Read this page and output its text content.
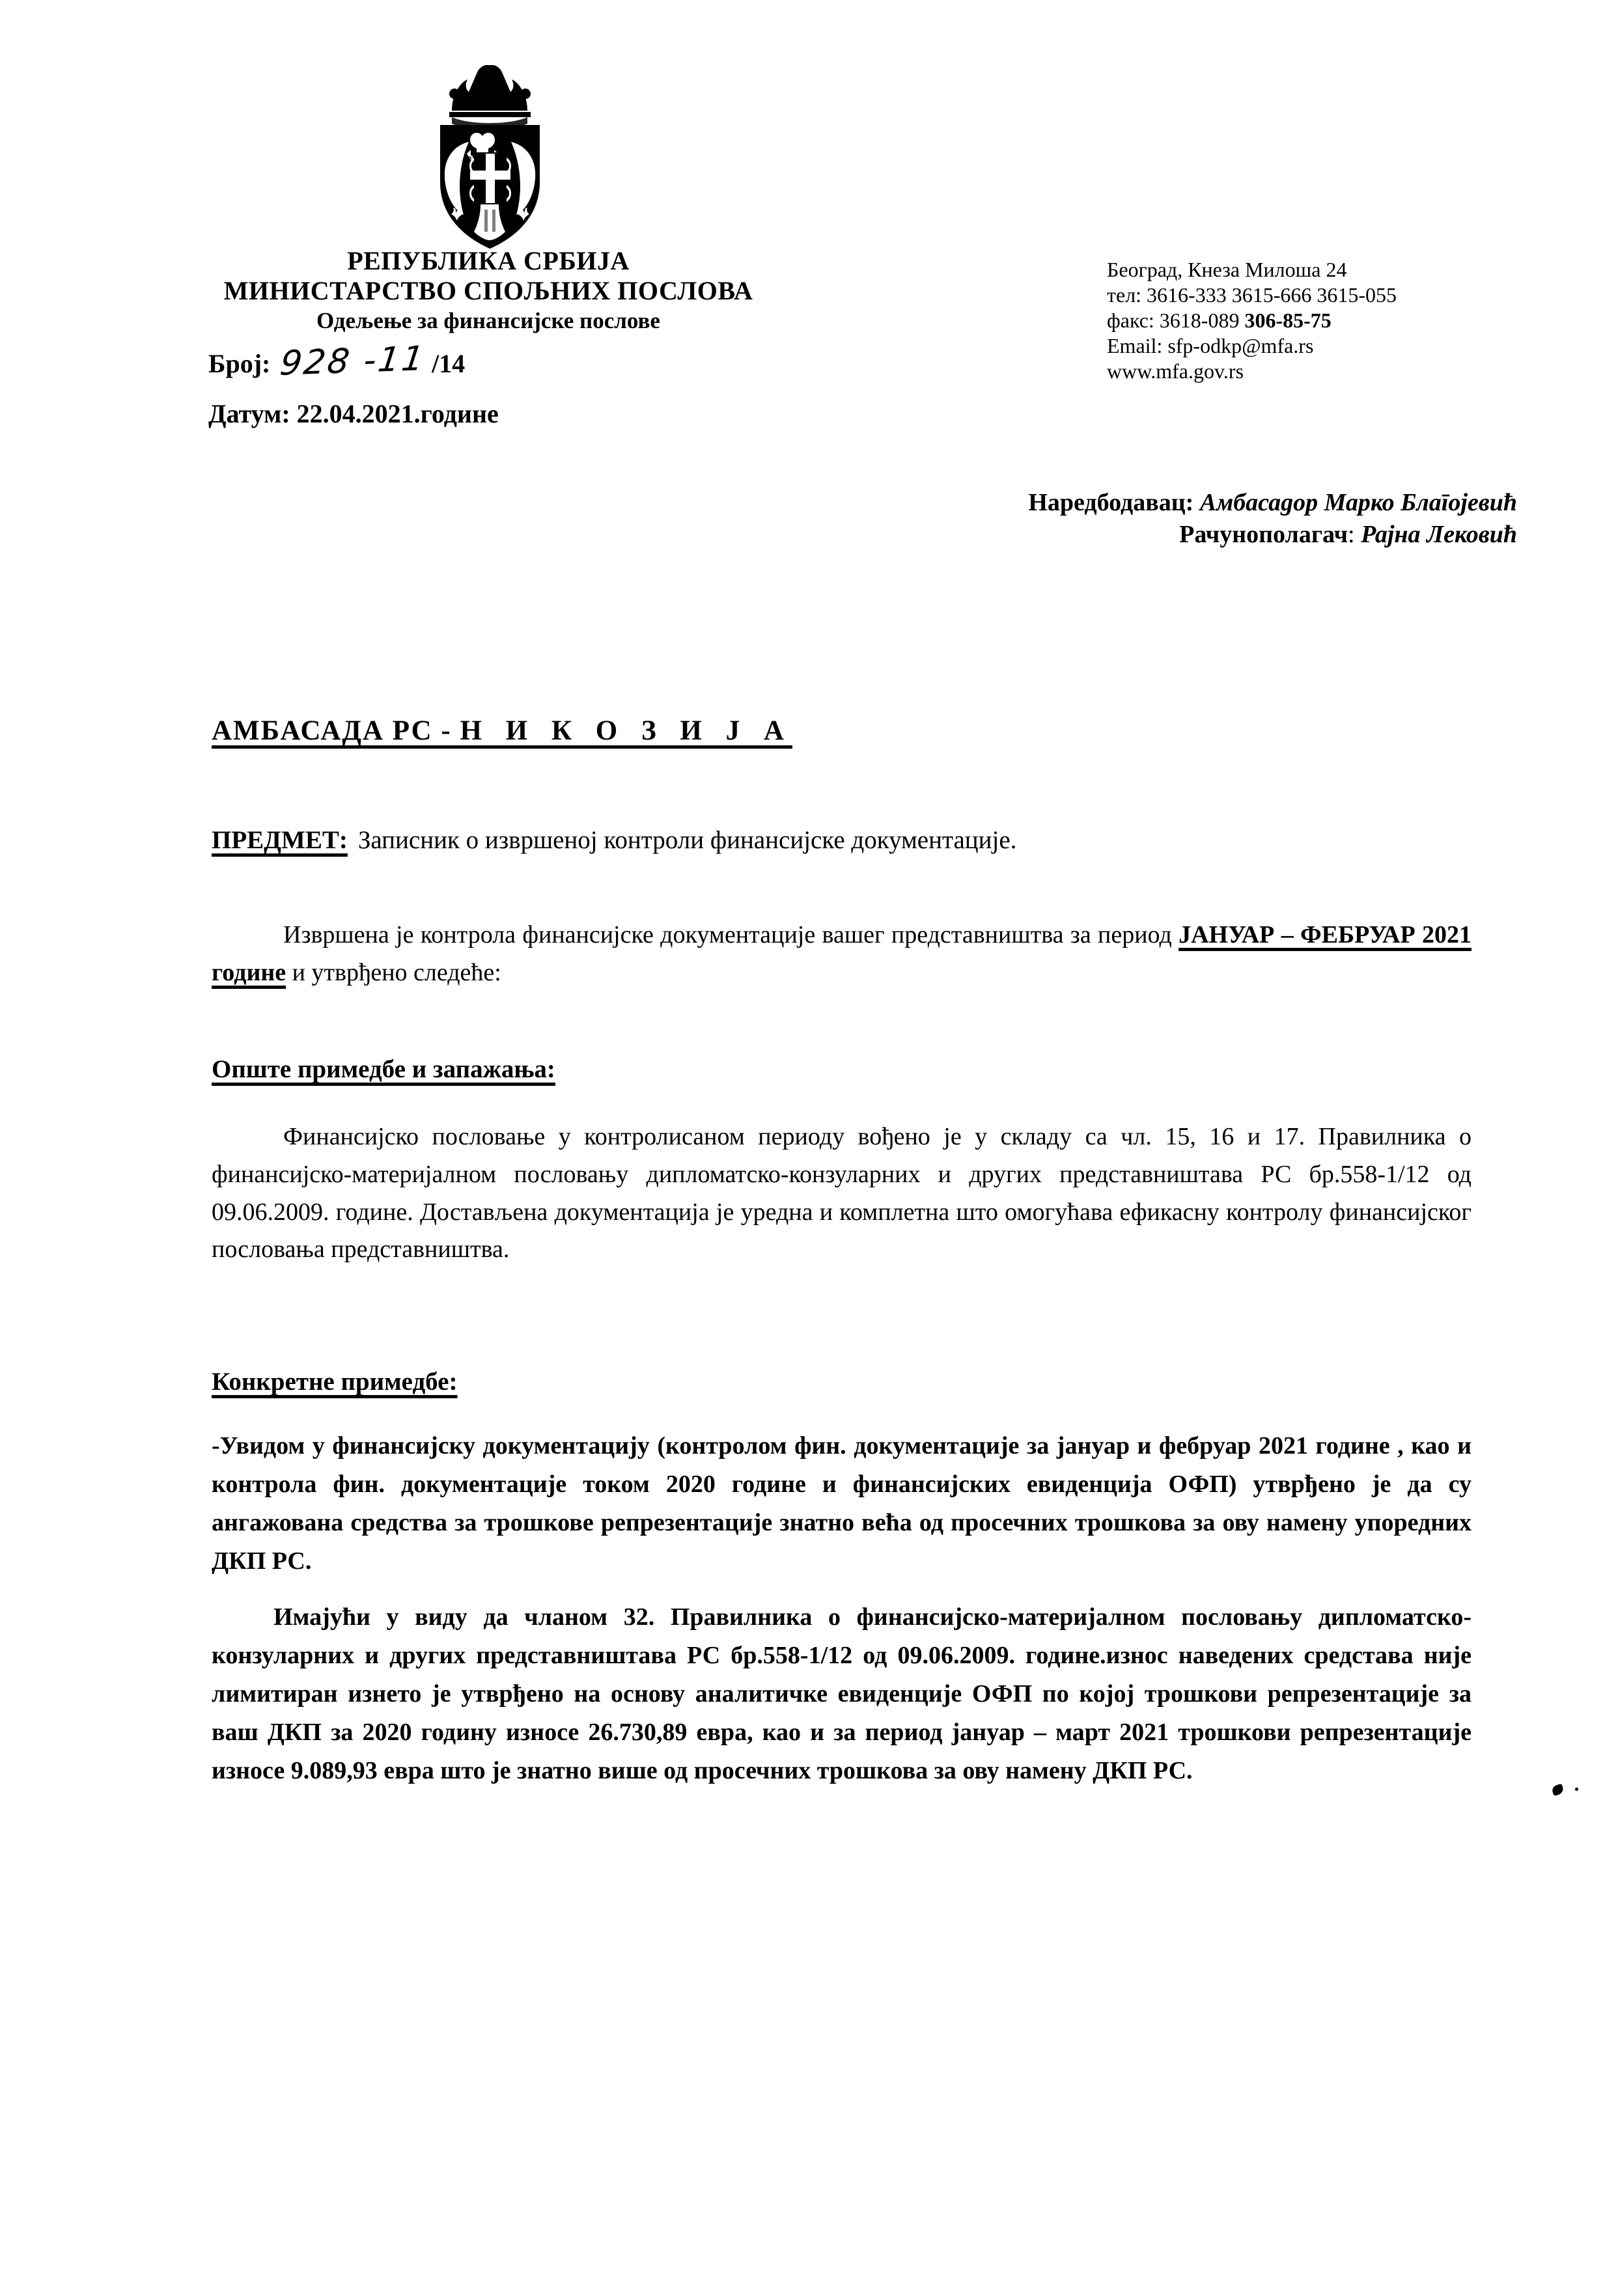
РЕПУБЛИКА СРБИЈА
МИНИСТАРСТВО СПОЉНИХ ПОСЛОВА
Одељење за финансијске послове
Број: 928 -11 /14
Датум: 22.04.2021.године
Београд, Кнеза Милоша 24
тел: 3616-333 3615-666 3615-055
факс: 3618-089 306-85-75
Email: sfp-odkp@mfa.rs
www.mfa.gov.rs
Наредбодавац: Амбасадор Марко Благојевић
Рачунополагач: Рајна Лековић
АМБАСАДА РС - Н И К О З И Ј А
ПРЕДМЕТ: Записник о извршеној контроли финансијске документације.

Извршена је контрола финансијске документације вашег представништва за период ЈАНУАР – ФЕБРУАР 2021 године и утврђено следеће:

Опште примедбе и запажања:

Финансијско пословање у контролисаном периоду вођено је у складу са чл. 15, 16 и 17. Правилника о финансијско-материјалном пословању дипломатско-конзуларних и других представништава РС бр.558-1/12 од 09.06.2009. године. Достављена документација је уредна и комплетна што омогућава ефикасну контролу финансијског пословања представништва.

Конкретне примедбе:

-Увидом у финансијску документацију (контролом фин. документације за јануар и фебруар 2021 године , као и контрола фин. документације током 2020 године и финансијских евиденција ОФП) утврђено је да су ангажована средства за трошкове репрезентације знатно већа од просечних трошкова за ову намену упоредних ДКП РС.

Имајући у виду да чланом 32. Правилника о финансијско-материјалном пословању дипломатско-конзуларних и других представништава РС бр.558-1/12 од 09.06.2009. године.износ наведених средстава није лимитиран изнето је утврђено на основу аналитичке евиденције ОФП по којој трошкови репрезентације за ваш ДКП за 2020 годину износе 26.730,89 евра, као и за период јануар – март 2021 трошкови репрезентације износе 9.089,93 евра што је знатно више од просечних трошкова за ову намену ДКП РС.
